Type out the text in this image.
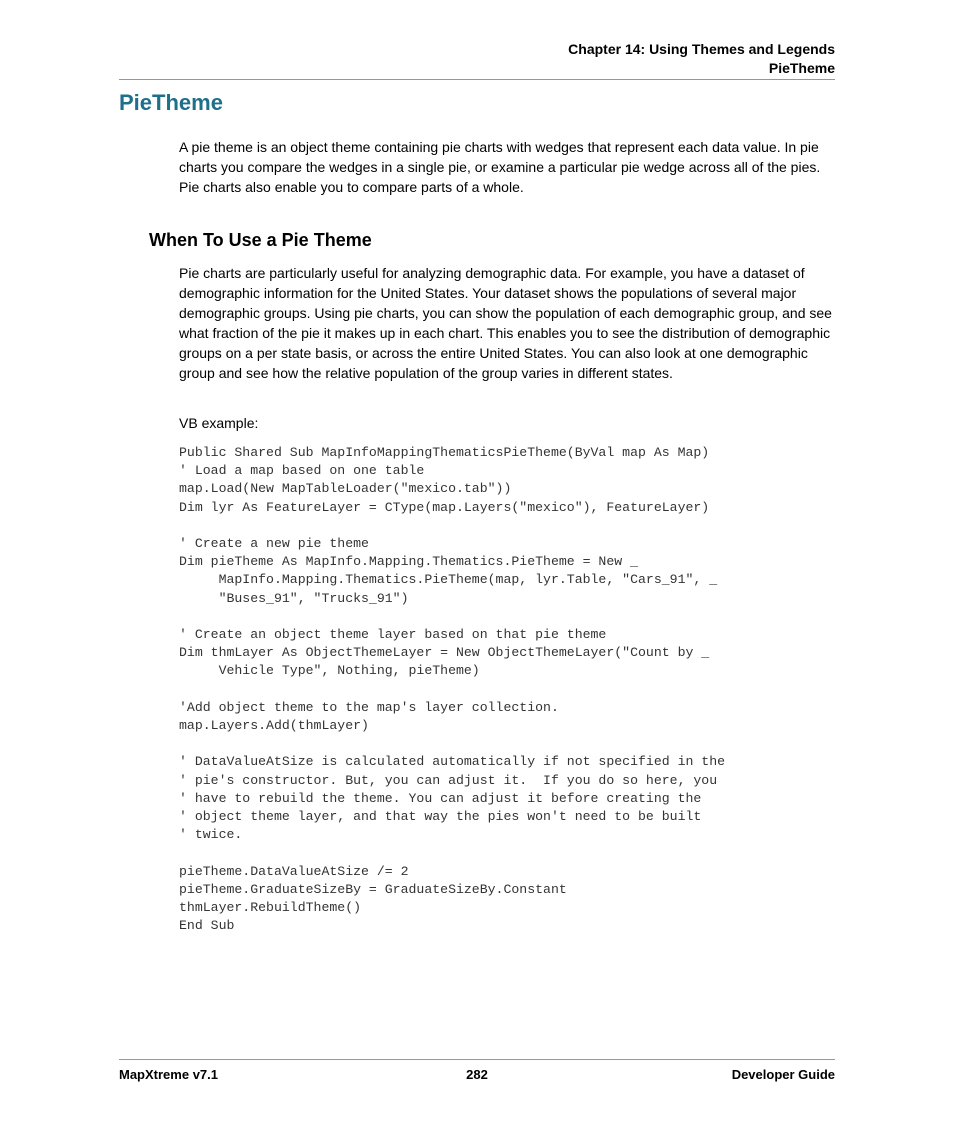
Chapter 14: Using Themes and Legends
PieTheme
PieTheme

A pie theme is an object theme containing pie charts with wedges that represent each data value. In pie charts you compare the wedges in a single pie, or examine a particular pie wedge across all of the pies. Pie charts also enable you to compare parts of a whole.

When To Use a Pie Theme

Pie charts are particularly useful for analyzing demographic data. For example, you have a dataset of demographic information for the United States. Your dataset shows the populations of several major demographic groups. Using pie charts, you can show the population of each demographic group, and see what fraction of the pie it makes up in each chart. This enables you to see the distribution of demographic groups on a per state basis, or across the entire United States. You can also look at one demographic group and see how the relative population of the group varies in different states.

VB example:

Public Shared Sub MapInfoMappingThematicsPieTheme(ByVal map As Map)
' Load a map based on one table
map.Load(New MapTableLoader("mexico.tab"))
Dim lyr As FeatureLayer = CType(map.Layers("mexico"), FeatureLayer)

' Create a new pie theme
Dim pieTheme As MapInfo.Mapping.Thematics.PieTheme = New _
MapInfo.Mapping.Thematics.PieTheme(map, lyr.Table, "Cars_91", _
"Buses_91", "Trucks_91")

' Create an object theme layer based on that pie theme
Dim thmLayer As ObjectThemeLayer = New ObjectThemeLayer("Count by _
Vehicle Type", Nothing, pieTheme)

'Add object theme to the map's layer collection.
map.Layers.Add(thmLayer)

' DataValueAtSize is calculated automatically if not specified in the
' pie's constructor. But, you can adjust it.  If you do so here, you
' have to rebuild the theme. You can adjust it before creating the
' object theme layer, and that way the pies won't need to be built
' twice.

pieTheme.DataValueAtSize /= 2
pieTheme.GraduateSizeBy = GraduateSizeBy.Constant
thmLayer.RebuildTheme()
End Sub
MapXtreme v7.1	282	Developer Guide
